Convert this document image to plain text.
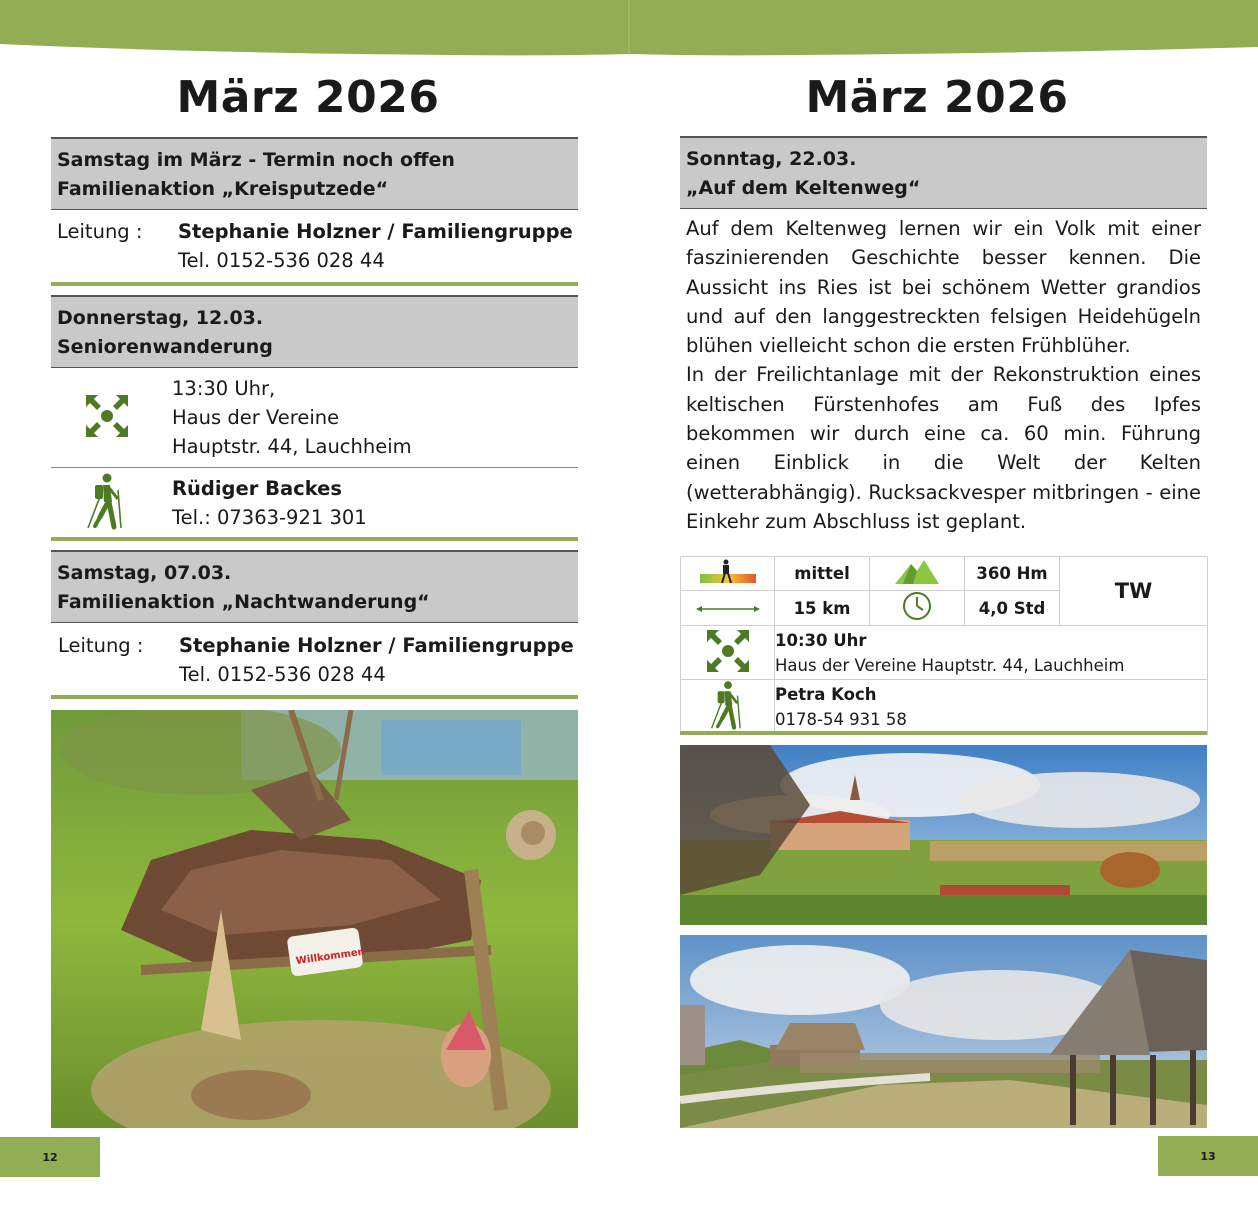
März 2026
Samstag im März - Termin noch offen
Familienaktion „Kreisputzede“
Leitung : Stephanie Holzner / Familiengruppe
Tel. 0152-536 028 44
Donnerstag, 12.03.
Seniorenwanderung
13:30 Uhr,
Haus der Vereine
Hauptstr. 44, Lauchheim
Rüdiger Backes
Tel.: 07363-921 301
Samstag, 07.03.
Familienaktion „Nachtwanderung“
Leitung : Stephanie Holzner / Familiengruppe
Tel. 0152-536 028 44
Willkommen
12
März 2026
Sonntag, 22.03.
„Auf dem Keltenweg“

Auf dem Keltenweg lernen wir ein Volk mit einer faszinierenden Geschichte besser kennen. Die Aussicht ins Ries ist bei schönem Wetter grandios und auf den langgestreckten felsigen Heidehügeln blühen vielleicht schon die ersten Frühblüher.

In der Freilichtanlage mit der Rekonstruktion eines keltischen Fürstenhofes am Fuß des Ipfes bekommen wir durch eine ca. 60 min. Führung einen Einblick in die Welt der Kelten (wetterabhängig). Rucksackvesper mitbringen - eine Einkehr zum Abschluss ist geplant.

	mittel		360 Hm	TW
	15 km		4,0 Std	

10:30 Uhr
Haus der Vereine Hauptstr. 44, Lauchheim			

Petra Koch
0178-54 931 58			
13
